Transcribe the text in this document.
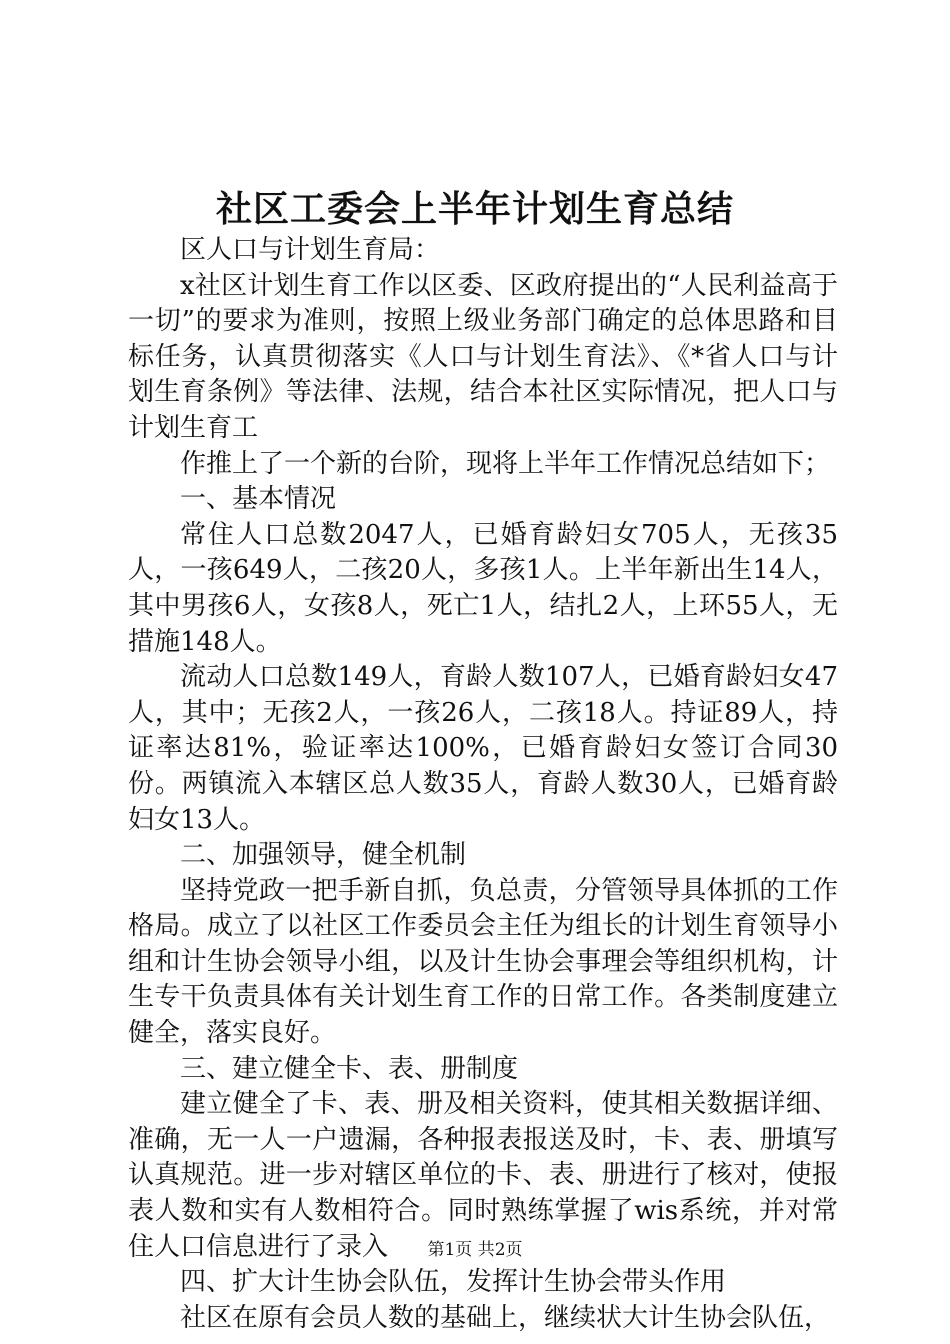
社区工委会上半年计划生育总结

区人口与计划生育局：

x社区计划生育工作以区委、区政府提出的“人民利益高于一切”的要求为准则，按照上级业务部门确定的总体思路和目标任务，认真贯彻落实《人口与计划生育法》、《*省人口与计划生育条例》等法律、法规，结合本社区实际情况，把人口与计划生育工

作推上了一个新的台阶，现将上半年工作情况总结如下；

一、基本情况

常住人口总数2047人，已婚育龄妇女705人，无孩35人，一孩649人，二孩20人，多孩1人。上半年新出生14人，其中男孩6人，女孩8人，死亡1人，结扎2人，上环55人，无措施148人。

流动人口总数149人，育龄人数107人，已婚育龄妇女47人，其中；无孩2人，一孩26人，二孩18人。持证89人，持证率达81%，验证率达100%，已婚育龄妇女签订合同30份。两镇流入本辖区总人数35人，育龄人数30人，已婚育龄妇女13人。

二、加强领导，健全机制

坚持党政一把手新自抓，负总责，分管领导具体抓的工作格局。成立了以社区工作委员会主任为组长的计划生育领导小组和计生协会领导小组，以及计生协会事理会等组织机构，计生专干负责具体有关计划生育工作的日常工作。各类制度建立健全，落实良好。

三、建立健全卡、表、册制度

建立健全了卡、表、册及相关资料，使其相关数据详细、准确，无一人一户遗漏，各种报表报送及时，卡、表、册填写认真规范。进一步对辖区单位的卡、表、册进行了核对，使报表人数和实有人数相符合。同时熟练掌握了wis系统，并对常住人口信息进行了录入

四、扩大计生协会队伍，发挥计生协会带头作用

社区在原有会员人数的基础上，继续状大计生协会队伍，

第1页 共2页
